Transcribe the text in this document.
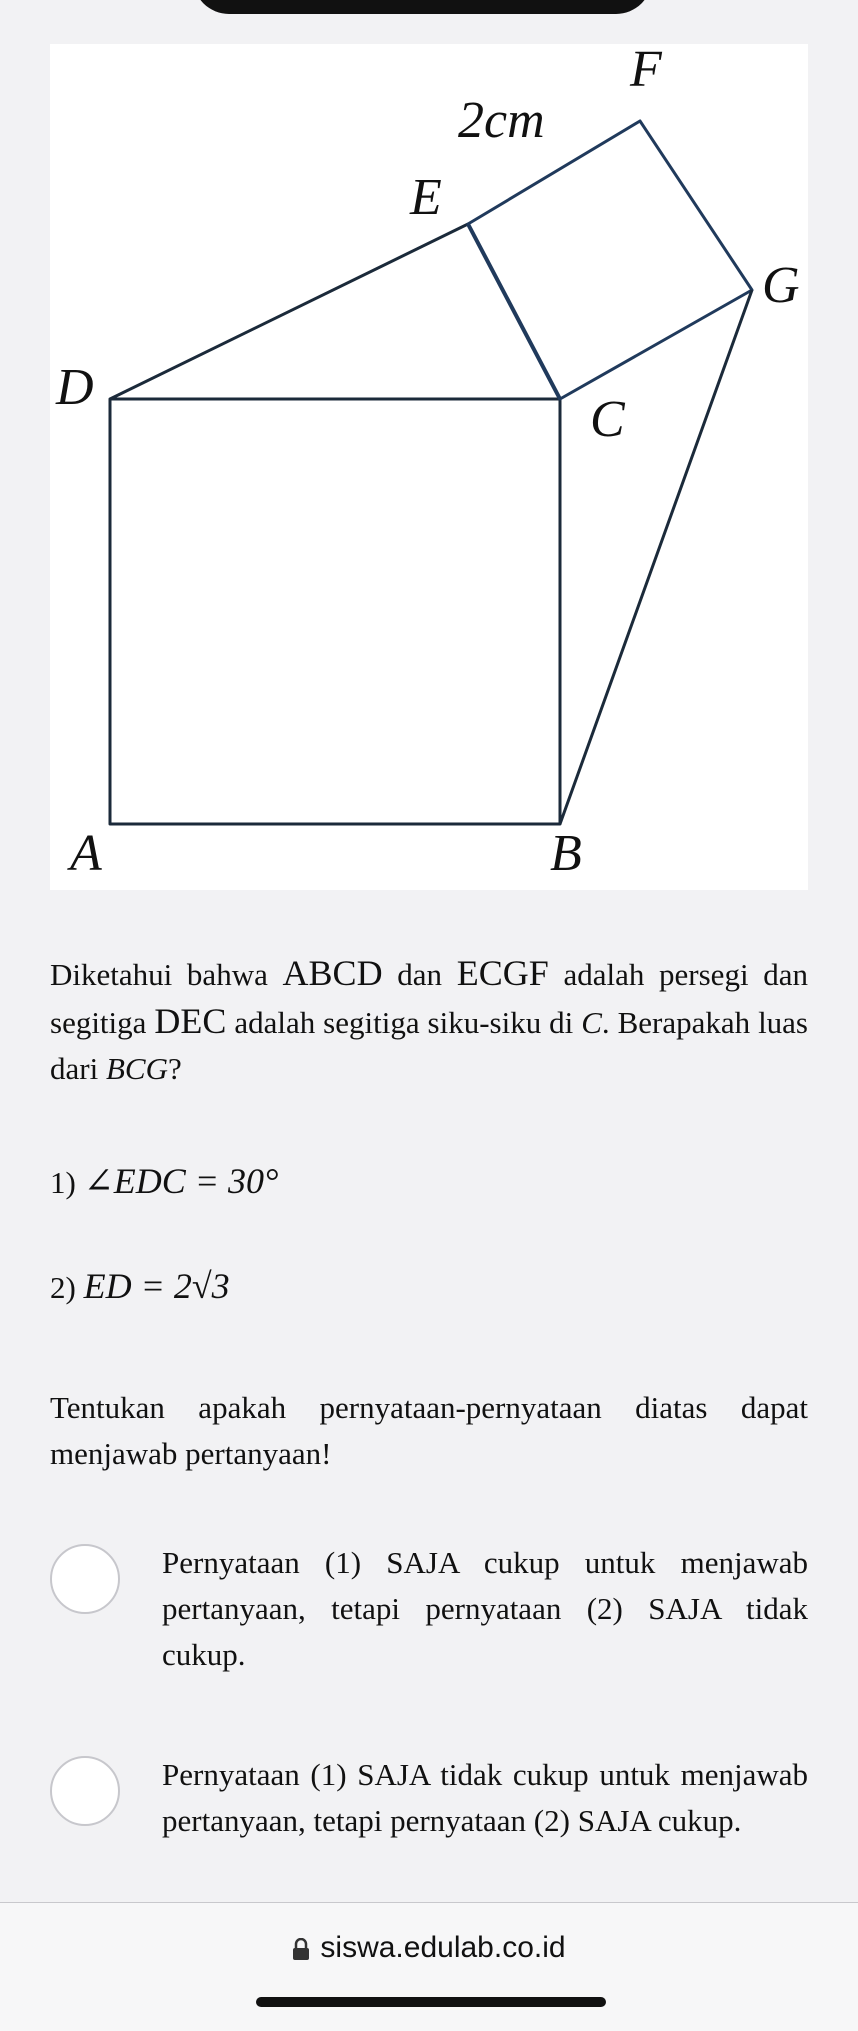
F
2cm
E
G
D
C
A	B
Diketahui bahwa ABCD dan ECGF adalah persegi dan segitiga DEC adalah segitiga siku-siku di C. Berapakah luas dari BCG?
1) ∠EDC = 30°
2) ED = 2√3
Tentukan apakah pernyataan-pernyataan diatas dapat menjawab pertanyaan!
Pernyataan (1) SAJA cukup untuk menjawab pertanyaan, tetapi pernyataan (2) SAJA tidak cukup.
Pernyataan (1) SAJA tidak cukup untuk menjawab pertanyaan, tetapi pernyataan (2) SAJA cukup.
siswa.edulab.co.id
